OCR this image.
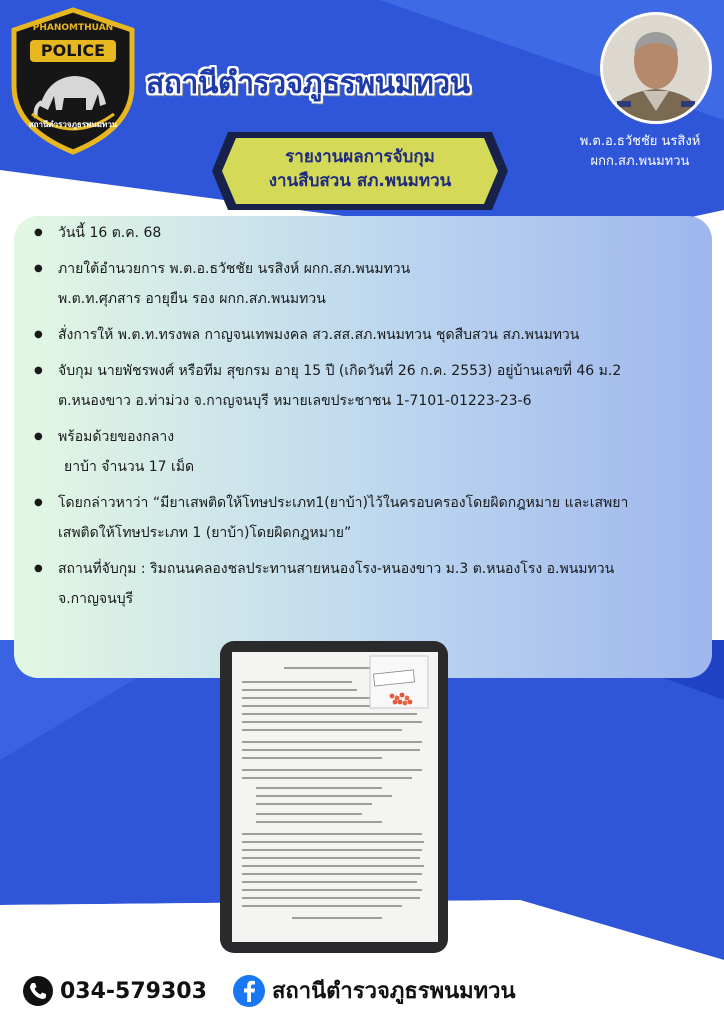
PHANOMTHUAN
POLICE
สถานีตำรวจภูธรพนมทวน
สถานีตำรวจภูธรพนมทวน
พ.ต.อ.ธวัชชัย นรสิงห์
ผกก.สภ.พนมทวน
รายงานผลการจับกุม
งานสืบสวน สภ.พนมทวน
● วันนี้ 16 ต.ค. 68
● ภายใต้อำนวยการ พ.ต.อ.ธวัชชัย นรสิงห์ ผกก.สภ.พนมทวน
พ.ต.ท.ศุภสาร อายุยืน รอง ผกก.สภ.พนมทวน
● สั่งการให้ พ.ต.ท.ทรงพล กาญจนเทพมงคล สว.สส.สภ.พนมทวน ชุดสืบสวน สภ.พนมทวน
● จับกุม นายพัชรพงศ์ หรือทีม สุขกรม อายุ 15 ปี (เกิดวันที่ 26 ก.ค. 2553) อยู่บ้านเลขที่ 46 ม.2
ต.หนองขาว อ.ท่าม่วง จ.กาญจนบุรี หมายเลขประชาชน 1-7101-01223-23-6
● พร้อมด้วยของกลาง
ยาบ้า จำนวน 17 เม็ด
● โดยกล่าวหาว่า “มียาเสพติดให้โทษประเภท1(ยาบ้า)ไว้ในครอบครองโดยผิดกฎหมาย และเสพยา
เสพติดให้โทษประเภท 1 (ยาบ้า)โดยผิดกฎหมาย”
● สถานที่จับกุม : ริมถนนคลองชลประทานสายหนองโรง-หนองขาว ม.3 ต.หนองโรง อ.พนมทวน
จ.กาญจนบุรี
034-579303	สถานีตำรวจภูธรพนมทวน
